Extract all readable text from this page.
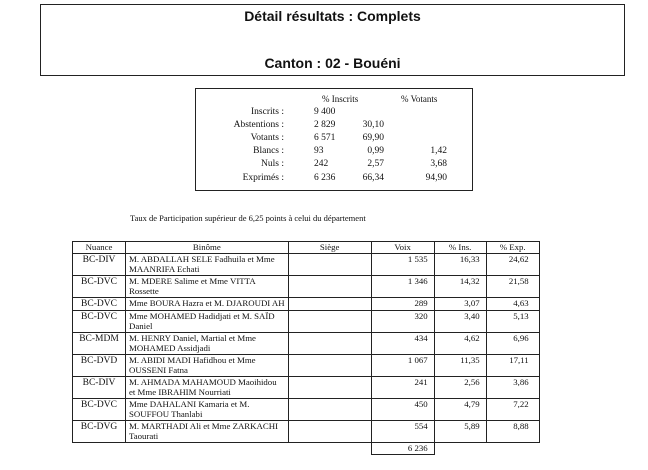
Détail résultats : Complets
Canton : 02 - Bouéni
% Inscrits	% Votants
Inscrits :	9 400
Abstentions :	2 829	30,10
Votants :	6 571	69,90
Blancs :	93	0,99	1,42
Nuls :	242	2,57	3,68
Exprimés :	6 236	66,34	94,90
Taux de Participation supérieur de 6,25 points à celui du département
Nuance	Binôme	Siège	Voix	% Ins.	% Exp.
BC-DIV	M. ABDALLAH SELE Fadhuila et Mme
MAANRIFA Echati		1 535	16,33	24,62
BC-DVC	M. MDERE Salime et Mme VITTA
Rossette		1 346	14,32	21,58
BC-DVC	Mme BOURA Hazra et M. DJAROUDI AH		289	3,07	4,63
BC-DVC	Mme MOHAMED Hadidjati et M. SAÏD
Daniel		320	3,40	5,13
BC-MDM	M. HENRY Daniel, Martial et Mme
MOHAMED Assidjadi		434	4,62	6,96
BC-DVD	M. ABIDI MADI Hafidhou et Mme
OUSSENI Fatna		1 067	11,35	17,11
BC-DIV	M. AHMADA MAHAMOUD Maoihidou
et Mme IBRAHIM Nourriati		241	2,56	3,86
BC-DVC	Mme DAHALANI Kamaria et M.
SOUFFOU Thanlabi		450	4,79	7,22
BC-DVG	M. MARTHADI Ali et Mme ZARKACHI
Taourati		554	5,89	8,88
			6 236		
